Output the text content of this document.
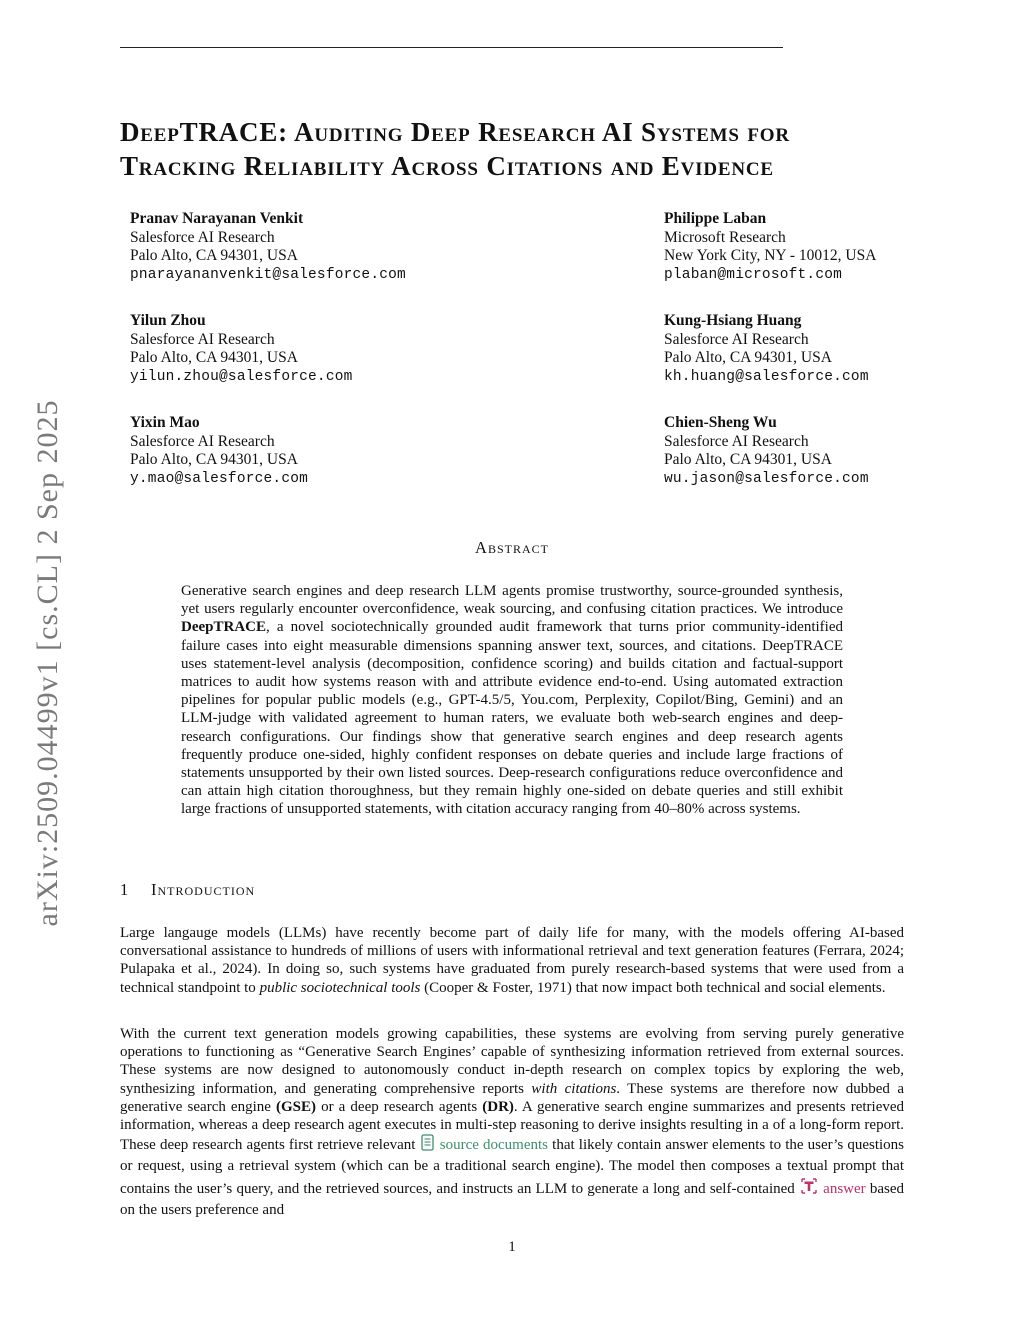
arXiv:2509.04499v1 [cs.CL] 2 Sep 2025
DeepTRACE: Auditing Deep Research AI Systems for
Tracking Reliability Across Citations and Evidence
Pranav Narayanan Venkit
Salesforce AI Research
Palo Alto, CA 94301, USA
pnarayananvenkit@salesforce.com
Philippe Laban
Microsoft Research
New York City, NY - 10012, USA
plaban@microsoft.com
Yilun Zhou
Salesforce AI Research
Palo Alto, CA 94301, USA
yilun.zhou@salesforce.com
Kung-Hsiang Huang
Salesforce AI Research
Palo Alto, CA 94301, USA
kh.huang@salesforce.com
Yixin Mao
Salesforce AI Research
Palo Alto, CA 94301, USA
y.mao@salesforce.com
Chien-Sheng Wu
Salesforce AI Research
Palo Alto, CA 94301, USA
wu.jason@salesforce.com
Abstract

Generative search engines and deep research LLM agents promise trustworthy, source-grounded synthesis, yet users regularly encounter overconfidence, weak sourcing, and confusing citation practices. We introduce DeepTRACE, a novel sociotechnically grounded audit framework that turns prior community-identified failure cases into eight measurable dimensions spanning answer text, sources, and citations. DeepTRACE uses statement-level analysis (decomposition, confidence scoring) and builds citation and factual-support matrices to audit how systems reason with and attribute evidence end-to-end. Using automated extraction pipelines for popular public models (e.g., GPT-4.5/5, You.com, Perplexity, Copilot/Bing, Gemini) and an LLM-judge with validated agreement to human raters, we evaluate both web-search engines and deep-research configurations. Our findings show that generative search engines and deep research agents frequently produce one-sided, highly confident responses on debate queries and include large fractions of statements unsupported by their own listed sources. Deep-research configurations reduce overconfidence and can attain high citation thoroughness, but they remain highly one-sided on debate queries and still exhibit large fractions of unsupported statements, with citation accuracy ranging from 40–80% across systems.

1 Introduction

Large langauge models (LLMs) have recently become part of daily life for many, with the models offering AI-based conversational assistance to hundreds of millions of users with informational retrieval and text generation features (Ferrara, 2024; Pulapaka et al., 2024). In doing so, such systems have graduated from purely research-based systems that were used from a technical standpoint to public sociotechnical tools (Cooper & Foster, 1971) that now impact both technical and social elements.

With the current text generation models growing capabilities, these systems are evolving from serving purely generative operations to functioning as “Generative Search Engines’ capable of synthesizing information retrieved from external sources. These systems are now designed to autonomously conduct in-depth research on complex topics by exploring the web, synthesizing information, and generating comprehensive reports with citations. These systems are therefore now dubbed a generative search engine (GSE) or a deep research agents (DR). A generative search engine summarizes and presents retrieved information, whereas a deep research agent executes in multi-step reasoning to derive insights resulting in a of a long-form report. These deep research agents first retrieve relevant  source documents that likely contain answer elements to the user’s questions or request, using a retrieval system (which can be a traditional search engine). The model then composes a textual prompt that contains the user’s query, and the retrieved sources, and instructs an LLM to generate a long and self-contained  answer based on the users preference and

1
